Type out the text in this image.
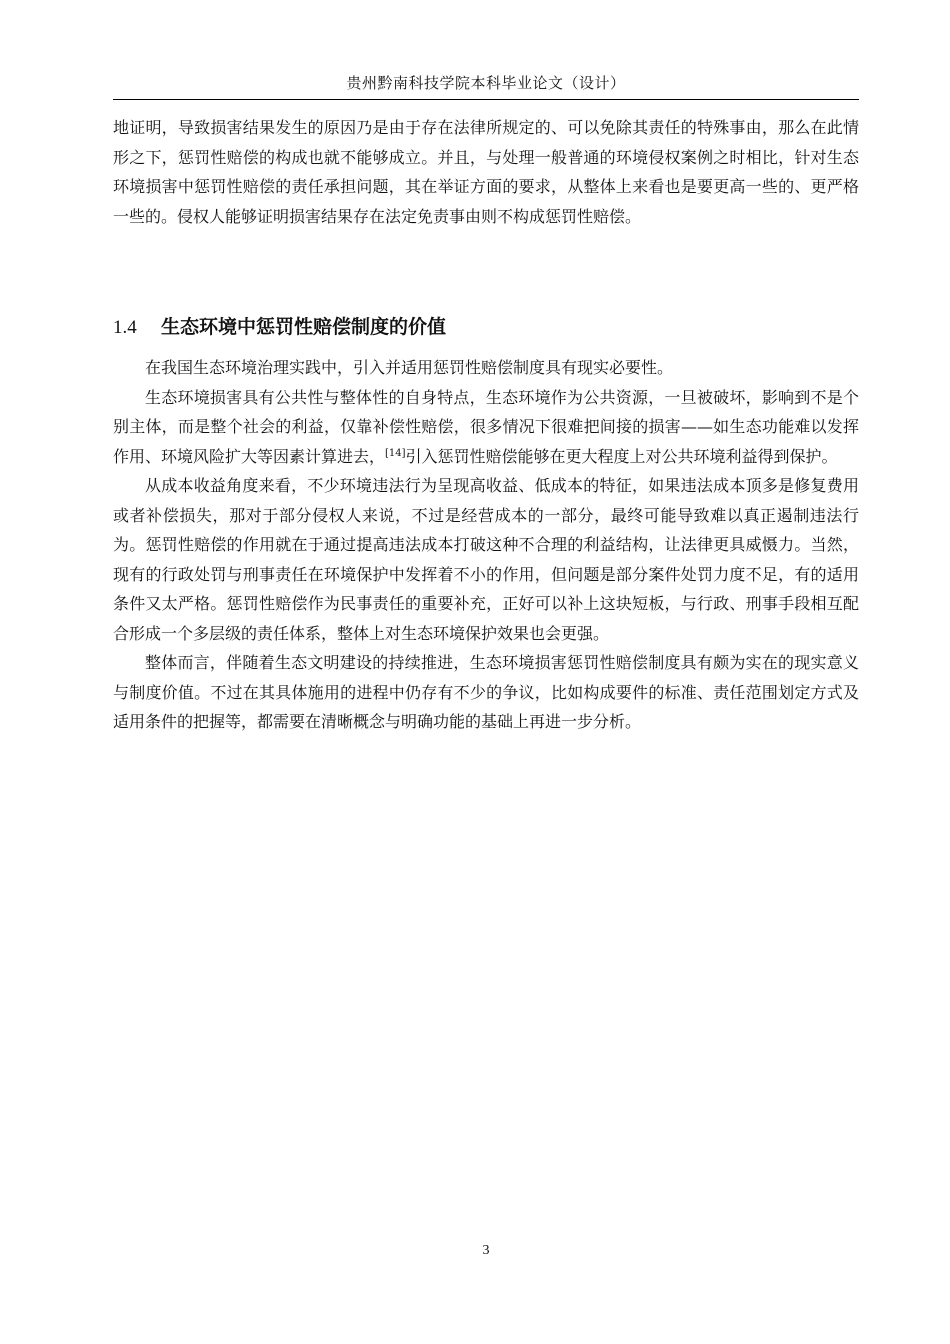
贵州黔南科技学院本科毕业论文（设计）

地证明，导致损害结果发生的原因乃是由于存在法律所规定的、可以免除其责任的特殊事由，那么在此情形之下，惩罚性赔偿的构成也就不能够成立。并且，与处理一般普通的环境侵权案例之时相比，针对生态环境损害中惩罚性赔偿的责任承担问题，其在举证方面的要求，从整体上来看也是要更高一些的、更严格一些的。侵权人能够证明损害结果存在法定免责事由则不构成惩罚性赔偿。

1.4 生态环境中惩罚性赔偿制度的价值

在我国生态环境治理实践中，引入并适用惩罚性赔偿制度具有现实必要性。

生态环境损害具有公共性与整体性的自身特点，生态环境作为公共资源，一旦被破坏，影响到不是个别主体，而是整个社会的利益，仅靠补偿性赔偿，很多情况下很难把间接的损害——如生态功能难以发挥作用、环境风险扩大等因素计算进去，[14]引入惩罚性赔偿能够在更大程度上对公共环境利益得到保护。

从成本收益角度来看，不少环境违法行为呈现高收益、低成本的特征，如果违法成本顶多是修复费用或者补偿损失，那对于部分侵权人来说，不过是经营成本的一部分，最终可能导致难以真正遏制违法行为。惩罚性赔偿的作用就在于通过提高违法成本打破这种不合理的利益结构，让法律更具威慑力。当然，现有的行政处罚与刑事责任在环境保护中发挥着不小的作用，但问题是部分案件处罚力度不足，有的适用条件又太严格。惩罚性赔偿作为民事责任的重要补充，正好可以补上这块短板，与行政、刑事手段相互配合形成一个多层级的责任体系，整体上对生态环境保护效果也会更强。

整体而言，伴随着生态文明建设的持续推进，生态环境损害惩罚性赔偿制度具有颇为实在的现实意义与制度价值。不过在其具体施用的进程中仍存有不少的争议，比如构成要件的标准、责任范围划定方式及适用条件的把握等，都需要在清晰概念与明确功能的基础上再进一步分析。

3
